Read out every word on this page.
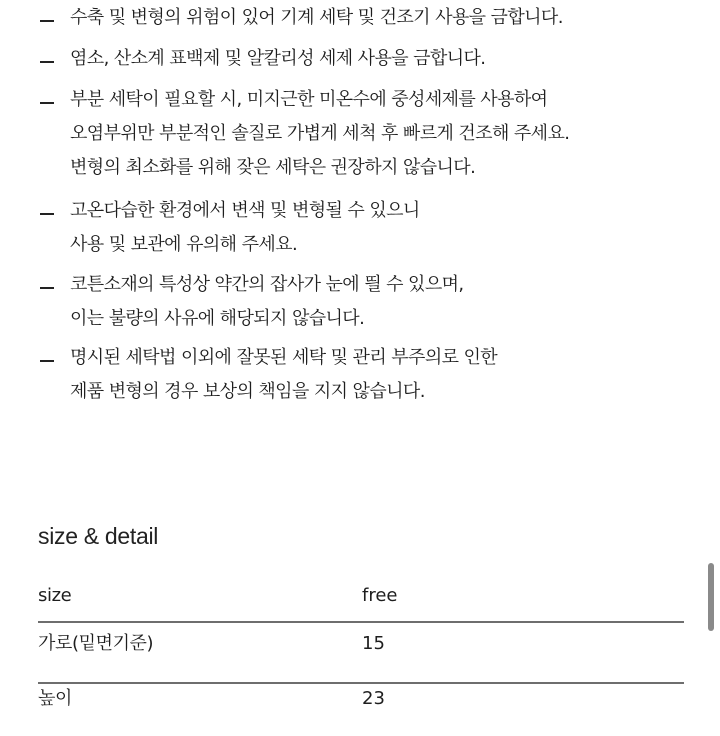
수축 및 변형의 위험이 있어 기계 세탁 및 건조기 사용을 금합니다.
염소, 산소계 표백제 및 알칼리성 세제 사용을 금합니다.
부분 세탁이 필요할 시, 미지근한 미온수에 중성세제를 사용하여
오염부위만 부분적인 솔질로 가볍게 세척 후 빠르게 건조해 주세요.
변형의 최소화를 위해 잦은 세탁은 권장하지 않습니다.
고온다습한 환경에서 변색 및 변형될 수 있으니
사용 및 보관에 유의해 주세요.
코튼소재의 특성상 약간의 잡사가 눈에 띌 수 있으며,
이는 불량의 사유에 해당되지 않습니다.
명시된 세탁법 이외에 잘못된 세탁 및 관리 부주의로 인한
제품 변형의 경우 보상의 책임을 지지 않습니다.
size & detail
size	free
가로(밑면기준)	15
높이	23
